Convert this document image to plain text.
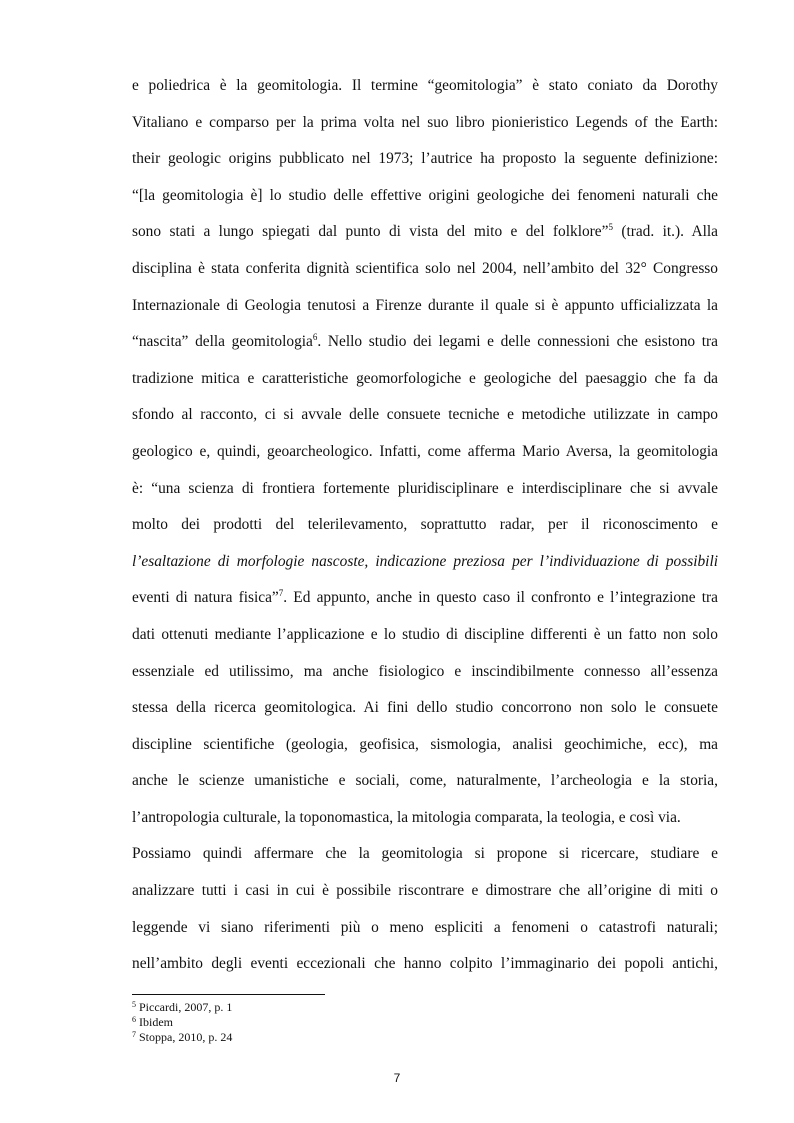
e poliedrica è la geomitologia. Il termine “geomitologia” è stato coniato da Dorothy
Vitaliano e comparso per la prima volta nel suo libro pionieristico Legends of the Earth:
their geologic origins pubblicato nel 1973; l’autrice ha proposto la seguente definizione:
“[la geomitologia è] lo studio delle effettive origini geologiche dei fenomeni naturali che
sono stati a lungo spiegati dal punto di vista del mito e del folklore”$^5$ (trad. it.). Alla
disciplina è stata conferita dignità scientifica solo nel 2004, nell’ambito del 32° Congresso
Internazionale di Geologia tenutosi a Firenze durante il quale si è appunto ufficializzata la
“nascita” della geomitologia$^6$. Nello studio dei legami e delle connessioni che esistono tra
tradizione mitica e caratteristiche geomorfologiche e geologiche del paesaggio che fa da
sfondo al racconto, ci si avvale delle consuete tecniche e metodiche utilizzate in campo
geologico e, quindi, geoarcheologico. Infatti, come afferma Mario Aversa, la geomitologia
è: “una scienza di frontiera fortemente pluridisciplinare e interdisciplinare che si avvale
molto dei prodotti del telerilevamento, soprattutto radar, per il riconoscimento e
l’esaltazione di morfologie nascoste, indicazione preziosa per l’individuazione di possibili
eventi di natura fisica”$^7$. Ed appunto, anche in questo caso il confronto e l’integrazione tra
dati ottenuti mediante l’applicazione e lo studio di discipline differenti è un fatto non solo
essenziale ed utilissimo, ma anche fisiologico e inscindibilmente connesso all’essenza
stessa della ricerca geomitologica. Ai fini dello studio concorrono non solo le consuete
discipline scientifiche (geologia, geofisica, sismologia, analisi geochimiche, ecc), ma
anche le scienze umanistiche e sociali, come, naturalmente, l’archeologia e la storia,
l’antropologia culturale, la toponomastica, la mitologia comparata, la teologia, e così via.
Possiamo quindi affermare che la geomitologia si propone si ricercare, studiare e
analizzare tutti i casi in cui è possibile riscontrare e dimostrare che all’origine di miti o
leggende vi siano riferimenti più o meno espliciti a fenomeni o catastrofi naturali;
nell’ambito degli eventi eccezionali che hanno colpito l’immaginario dei popoli antichi,
$^5$ Piccardi, 2007, p. 1
$^6$ Ibidem
$^7$ Stoppa, 2010, p. 24
7
